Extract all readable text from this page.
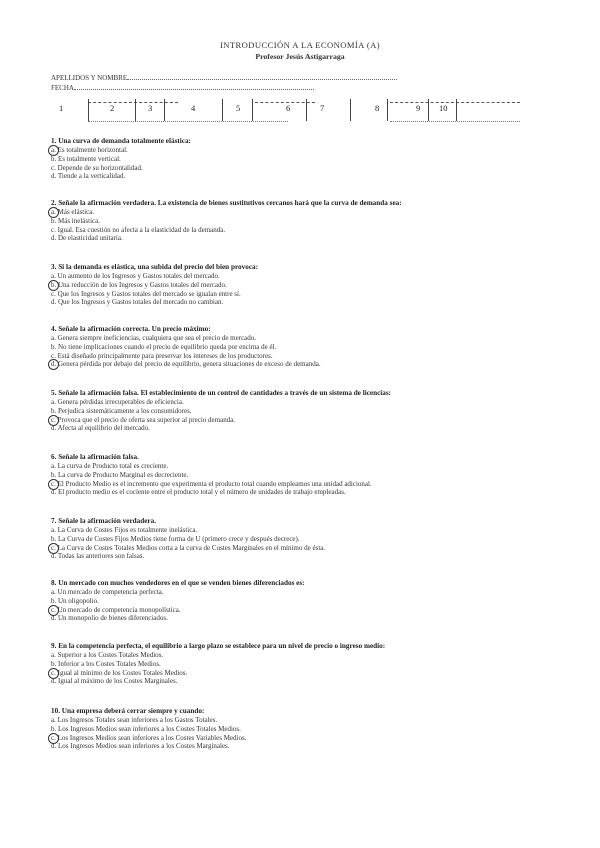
INTRODUCCIÓN A LA ECONOMÍA (A)
Profesor Jesús Astigarraga
APELLIDOS Y NOMBRE
FECHA
1	2	3	4	5	6	7	8	9 10
1. Una curva de demanda totalmente elástica:
a. Es totalmente horizontal.
b. Es totalmente vertical.
c. Depende de su horizontalidad.
d. Tiende a la verticalidad.
2. Señale la afirmación verdadera. La existencia de bienes sustitutivos cercanos hará que la curva de demanda sea:
a. Más elástica.
b. Más inelástica.
c. Igual. Esa cuestión no afecta a la elasticidad de la demanda.
d. De elasticidad unitaria.
3. Si la demanda es elástica, una subida del precio del bien provoca:
a. Un aumento de los Ingresos y Gastos totales del mercado.
b. Una reducción de los Ingresos y Gastos totales del mercado.
c. Que los Ingresos y Gastos totales del mercado se igualan entre sí.
d. Que los Ingresos y Gastos totales del mercado no cambian.
4. Señale la afirmación correcta. Un precio máximo:
a. Genera siempre ineficiencias, cualquiera que sea el precio de mercado.
b. No tiene implicaciones cuando el precio de equilibrio queda por encima de él.
c. Está diseñado principalmente para preservar los intereses de los productores.
d. Genera pérdida por debajo del precio de equilibrio, genera situaciones de exceso de demanda.
5. Señale la afirmación falsa. El establecimiento de un control de cantidades a través de un sistema de licencias:
a. Genera pérdidas irrecuperables de eficiencia.
b. Perjudica sistemáticamente a los consumidores.
c. Provoca que el precio de oferta sea superior al precio demanda.
d. Afecta al equilibrio del mercado.
6. Señale la afirmación falsa.
a. La curva de Producto total es creciente.
b. La curva de Producto Marginal es decreciente.
c. El Producto Medio es el incremento que experimenta el producto total cuando empleamos una unidad adicional.
d. El producto medio es el cociente entre el producto total y el número de unidades de trabajo empleadas.
7. Señale la afirmación verdadera.
a. La Curva de Costes Fijos es totalmente inelástica.
b. La Curva de Costes Fijos Medios tiene forma de U (primero crece y después decrece).
c. La Curva de Costes Totales Medios corta a la curva de Costes Marginales en el mínimo de ésta.
d. Todas las anteriores son falsas.
8. Un mercado con muchos vendedores en el que se venden bienes diferenciados es:
a. Un mercado de competencia perfecta.
b. Un oligopolio.
c. Un mercado de competencia monopolística.
d. Un monopolio de bienes diferenciados.
9. En la competencia perfecta, el equilibrio a largo plazo se establece para un nivel de precio o ingreso medio:
a. Superior a los Costes Totales Medios.
b. Inferior a los Costes Totales Medios.
c. Igual al mínimo de los Costes Totales Medios.
d. Igual al máximo de los Costes Marginales.
10. Una empresa deberá cerrar siempre y cuando:
a. Los Ingresos Totales sean inferiores a los Gastos Totales.
b. Los Ingresos Medios sean inferiores a los Costes Totales Medios.
c. Los Ingresos Medios sean inferiores a los Costes Variables Medios.
d. Los Ingresos Medios sean inferiores a los Costes Marginales.
